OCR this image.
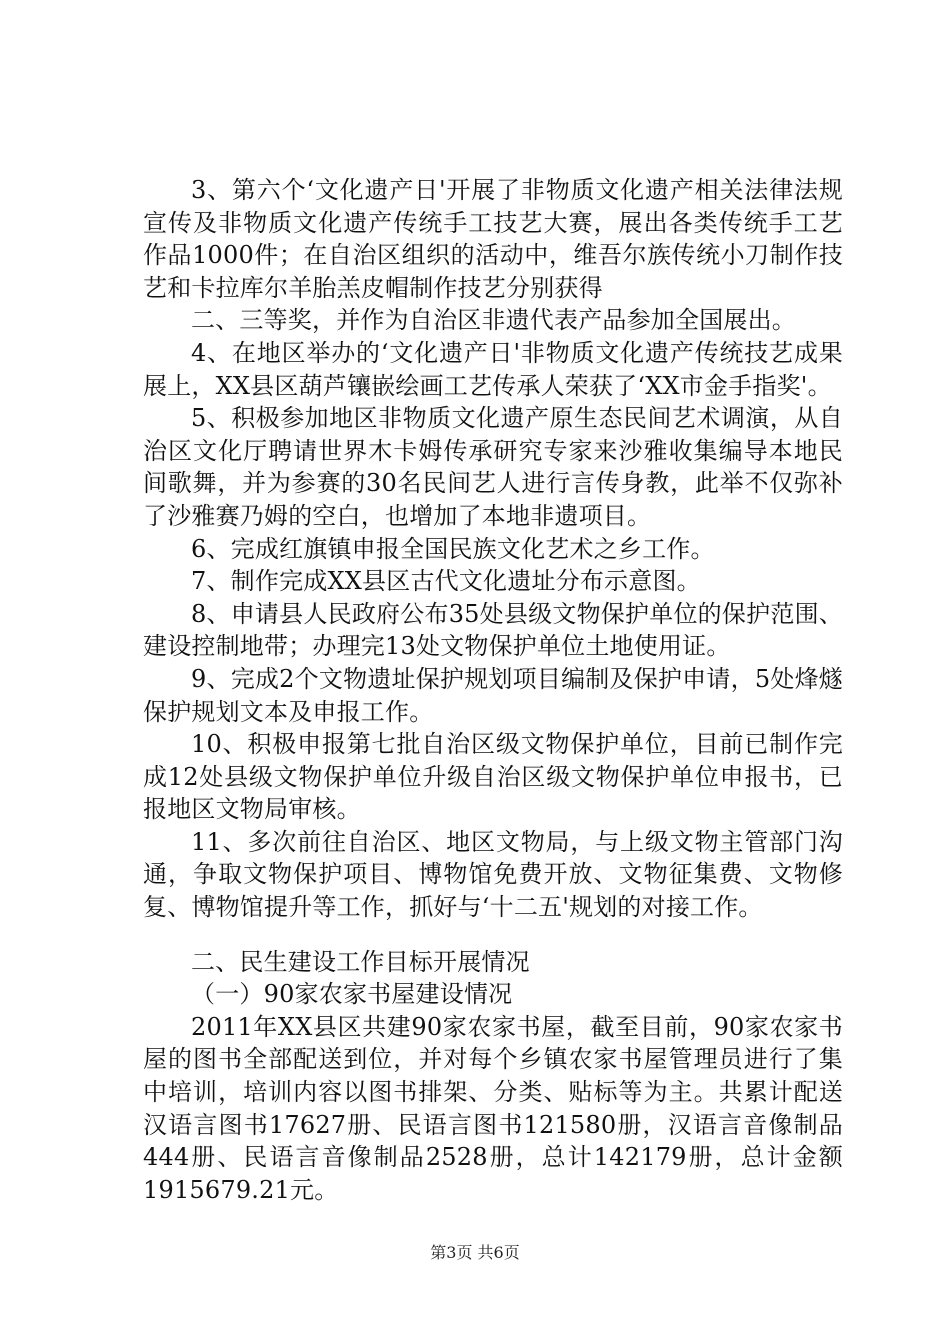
3、第六个‘文化遗产日'开展了非物质文化遗产相关法律法规宣传及非物质文化遗产传统手工技艺大赛，展出各类传统手工艺作品1000件；在自治区组织的活动中，维吾尔族传统小刀制作技艺和卡拉库尔羊胎羔皮帽制作技艺分别获得

二、三等奖，并作为自治区非遗代表产品参加全国展出。

4、在地区举办的‘文化遗产日'非物质文化遗产传统技艺成果展上，XX县区葫芦镶嵌绘画工艺传承人荣获了‘XX市金手指奖'。

5、积极参加地区非物质文化遗产原生态民间艺术调演，从自治区文化厅聘请世界木卡姆传承研究专家来沙雅收集编导本地民间歌舞，并为参赛的30名民间艺人进行言传身教，此举不仅弥补了沙雅赛乃姆的空白，也增加了本地非遗项目。

6、完成红旗镇申报全国民族文化艺术之乡工作。

7、制作完成XX县区古代文化遗址分布示意图。

8、申请县人民政府公布35处县级文物保护单位的保护范围、建设控制地带；办理完13处文物保护单位土地使用证。

9、完成2个文物遗址保护规划项目编制及保护申请，5处烽燧保护规划文本及申报工作。

10、积极申报第七批自治区级文物保护单位，目前已制作完成12处县级文物保护单位升级自治区级文物保护单位申报书，已报地区文物局审核。

11、多次前往自治区、地区文物局，与上级文物主管部门沟通，争取文物保护项目、博物馆免费开放、文物征集费、文物修复、博物馆提升等工作，抓好与‘十二五'规划的对接工作。

二、民生建设工作目标开展情况

（一）90家农家书屋建设情况

2011年XX县区共建90家农家书屋，截至目前，90家农家书屋的图书全部配送到位，并对每个乡镇农家书屋管理员进行了集中培训，培训内容以图书排架、分类、贴标等为主。共累计配送汉语言图书17627册、民语言图书121580册，汉语言音像制品444册、民语言音像制品2528册，总计142179册，总计金额1915679.21元。

第3页 共6页
